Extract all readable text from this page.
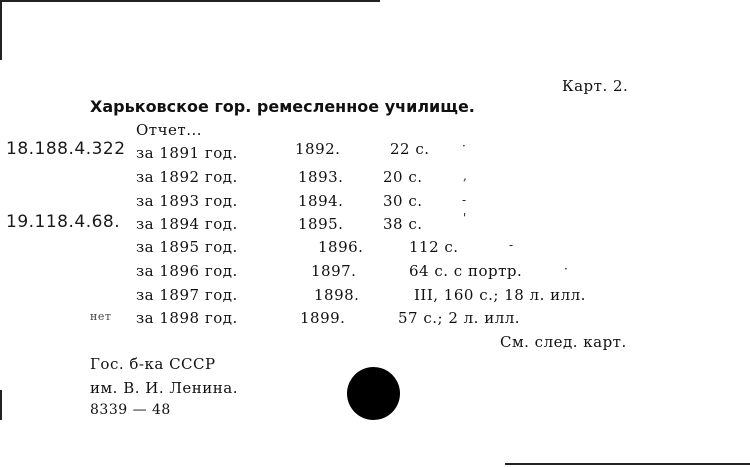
Карт. 2.
Харьковское гор. ремесленное училище.
Отчет...
18.188.4.322
19.118.4.68.
за 1891 год.	1892.	22 с.	·
за 1892 год.	1893.	20 с.	,
за 1893 год.	1894.	30 с.	-
за 1894 год.	1895.	38 с.	'
за 1895 год.	1896.	112 с.	-
за 1896 год.	1897.	64 с. с портр.	·
за 1897 год.	1898.	III, 160 с.; 18 л. илл.
нет за 1898 год.	1899.	57 с.; 2 л. илл.
См. след. карт.
Гос. б-ка СССР
им. В. И. Ленина.
8339 — 48
